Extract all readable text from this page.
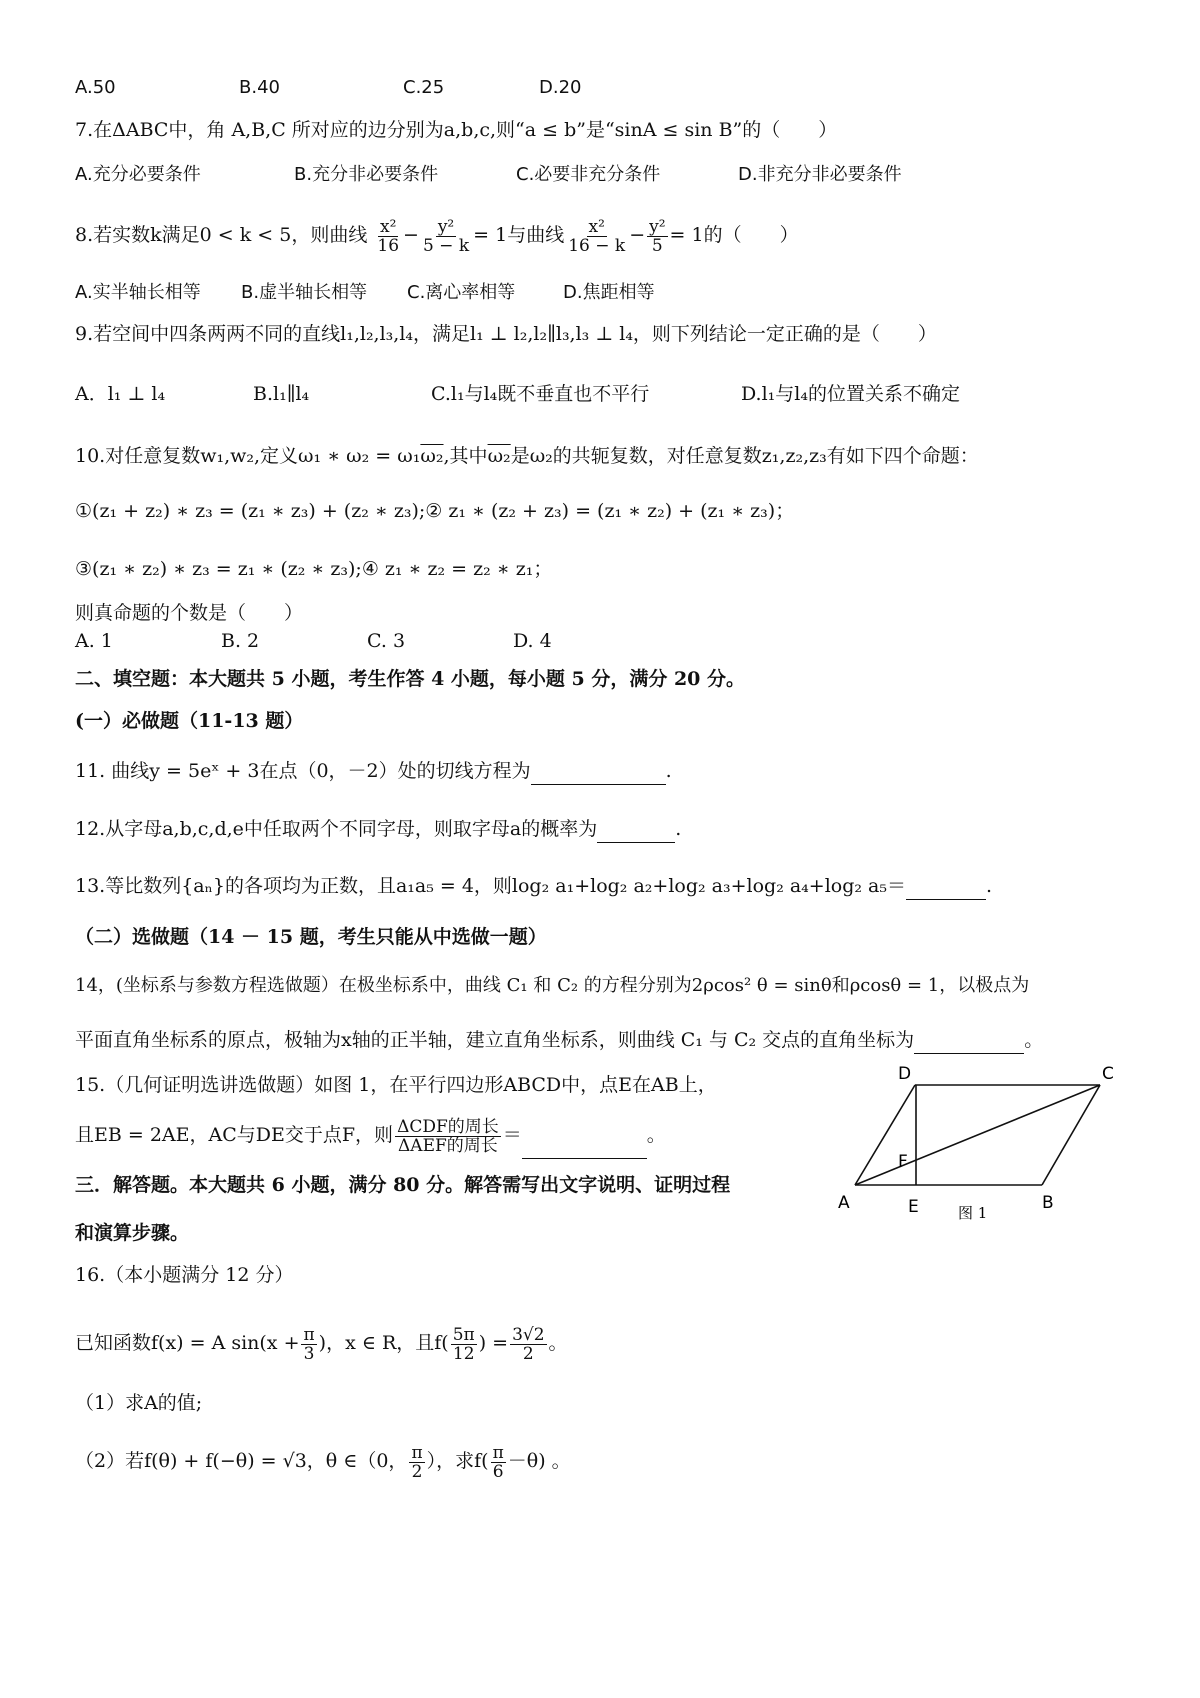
A.50	B.40	C.25	D.20
7.在ΔABC中，角 A,B,C 所对应的边分别为a,b,c,则“a ≤ b”是“sinA ≤ sin B”的（　　）
A.充分必要条件	B.充分非必要条件	C.必要非充分条件	D.非充分非必要条件
8.若实数k满足0 < k < 5，则曲线 $\frac{\text{x²}}{16} - \frac{\text{y²}}{5 - k} = 1$与曲线 $\frac{\text{x²}}{16 - k} - \frac{\text{y²}}{5} = 1$的（　　）
A.实半轴长相等 B.虚半轴长相等 C.离心率相等	D.焦距相等
9.若空间中四条两两不同的直线l₁,l₂,l₃,l₄，满足l₁ ⊥ l₂,l₂∥l₃,l₃ ⊥ l₄，则下列结论一定正确的是（　　）
A．l₁ ⊥ l₄	B.l₁∥l₄	C.l₁与l₄既不垂直也不平行	D.l₁与l₄的位置关系不确定
10.对任意复数w₁,w₂,定义ω₁ ∗ ω₂ = ω₁ω₂,其中ω₂是ω₂的共轭复数，对任意复数z₁,z₂,z₃有如下四个命题：
①(z₁ + z₂) ∗ z₃ = (z₁ ∗ z₃) + (z₂ ∗ z₃);② z₁ ∗ (z₂ + z₃) = (z₁ ∗ z₂) + (z₁ ∗ z₃)；
③(z₁ ∗ z₂) ∗ z₃ = z₁ ∗ (z₂ ∗ z₃);④ z₁ ∗ z₂ = z₂ ∗ z₁；
则真命题的个数是（　　）
A. 1	B. 2	C. 3	D. 4
二、填空题：本大题共 5 小题，考生作答 4 小题，每小题 5 分，满分 20 分。
(一）必做题（11-13 题）
11. 曲线y = 5eˣ + 3在点（0，－2）处的切线方程为	.
12.从字母a,b,c,d,e中任取两个不同字母，则取字母a的概率为	.
13.等比数列{aₙ}的各项均为正数，且a₁a₅ = 4，则log₂ a₁+log₂ a₂+log₂ a₃+log₂ a₄+log₂ a₅＝	.
（二）选做题（14 － 15 题，考生只能从中选做一题）
14，(坐标系与参数方程选做题）在极坐标系中，曲线 C₁ 和 C₂ 的方程分别为2ρcos² θ = sinθ和ρcosθ = 1，以极点为
平面直角坐标系的原点，极轴为x轴的正半轴，建立直角坐标系，则曲线 C₁ 与 C₂ 交点的直角坐标为	。
15.（几何证明选讲选做题）如图 1，在平行四边形ABCD中，点E在AB上，
且EB = 2AE，AC与DE交于点F，则 $\frac{\text{ΔCDF的周长}}{\text{ΔAEF的周长}}$ ＝	。
三．解答题。本大题共 6 小题，满分 80 分。解答需写出文字说明、证明过程
和演算步骤。
16.（本小题满分 12 分）
已知函数f(x) = A $\sin(x + \frac{\pi}{3}$ )，x ∈ R，且$f( \frac{5\pi}{12}$ ) = $\frac{3√2}{2}$ 。
（1）求A的值;
（2）若f(θ) + f(−θ) = √3，θ ∈（0， $\frac{\pi}{2}$ ），求$f( \frac{\pi}{6} -\theta)$ 。
D	C
F
A	E	B
图 1
